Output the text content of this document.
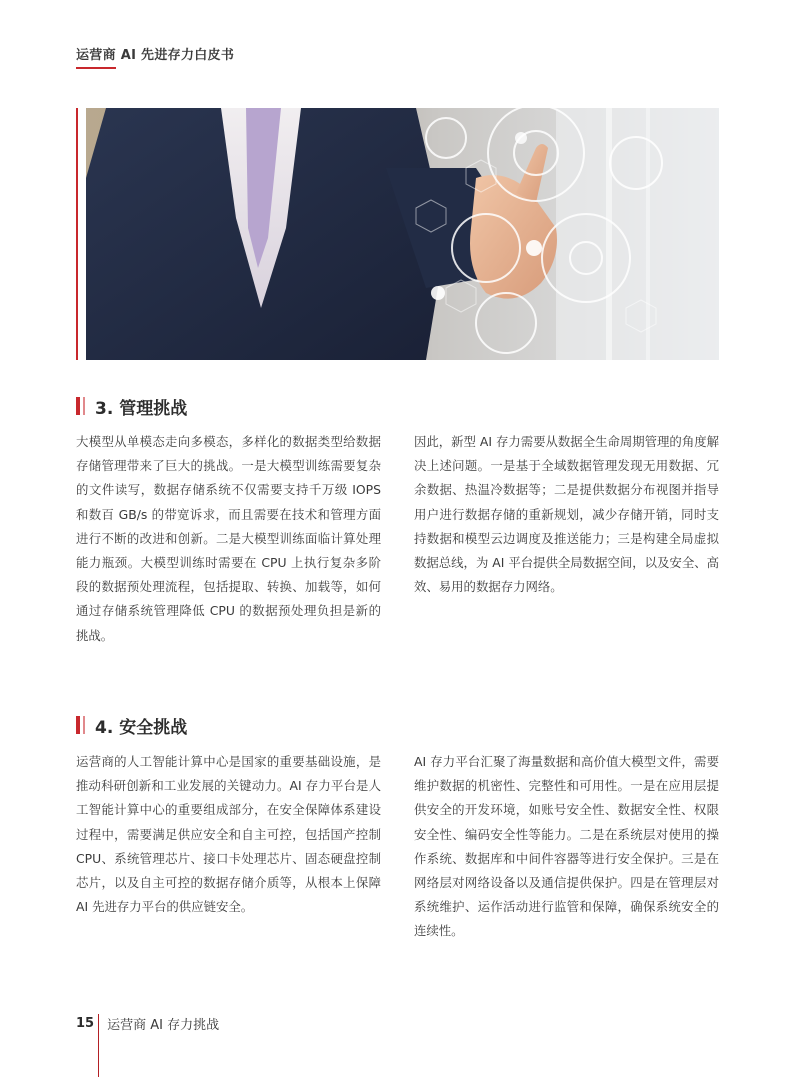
运营商 AI 先进存力白皮书
3. 管理挑战

大模型从单模态走向多模态，多样化的数据类型给数据存储管理带来了巨大的挑战。一是大模型训练需要复杂的文件读写，数据存储系统不仅需要支持千万级 IOPS 和数百 GB/s 的带宽诉求，而且需要在技术和管理方面进行不断的改进和创新。二是大模型训练面临计算处理能力瓶颈。大模型训练时需要在 CPU 上执行复杂多阶段的数据预处理流程，包括提取、转换、加载等，如何通过存储系统管理降低 CPU 的数据预处理负担是新的挑战。

因此，新型 AI 存力需要从数据全生命周期管理的角度解决上述问题。一是基于全域数据管理发现无用数据、冗余数据、热温冷数据等；二是提供数据分布视图并指导用户进行数据存储的重新规划，减少存储开销，同时支持数据和模型云边调度及推送能力；三是构建全局虚拟数据总线，为 AI 平台提供全局数据空间，以及安全、高效、易用的数据存力网络。

4. 安全挑战

运营商的人工智能计算中心是国家的重要基础设施，是推动科研创新和工业发展的关键动力。AI 存力平台是人工智能计算中心的重要组成部分，在安全保障体系建设过程中，需要满足供应安全和自主可控，包括国产控制 CPU、系统管理芯片、接口卡处理芯片、固态硬盘控制芯片，以及自主可控的数据存储介质等，从根本上保障 AI 先进存力平台的供应链安全。

AI 存力平台汇聚了海量数据和高价值大模型文件，需要维护数据的机密性、完整性和可用性。一是在应用层提供安全的开发环境，如账号安全性、数据安全性、权限安全性、编码安全性等能力。二是在系统层对使用的操作系统、数据库和中间件容器等进行安全保护。三是在网络层对网络设备以及通信提供保护。四是在管理层对系统维护、运作活动进行监管和保障，确保系统安全的连续性。

15 运营商 AI 存力挑战
